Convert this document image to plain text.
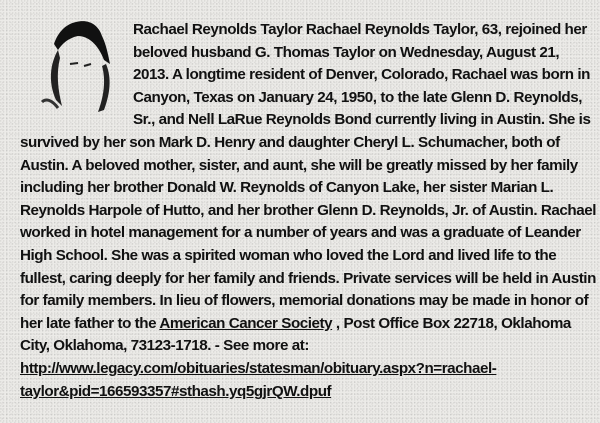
Rachael Reynolds Taylor Rachael Reynolds Taylor, 63, rejoined her
beloved husband G. Thomas Taylor on Wednesday, August 21,
2013. A longtime resident of Denver, Colorado, Rachael was born in
Canyon, Texas on January 24, 1950, to the late Glenn D. Reynolds,
Sr., and Nell LaRue Reynolds Bond currently living in Austin. She is
survived by her son Mark D. Henry and daughter Cheryl L. Schumacher, both of
Austin. A beloved mother, sister, and aunt, she will be greatly missed by her family
including her brother Donald W. Reynolds of Canyon Lake, her sister Marian L.
Reynolds Harpole of Hutto, and her brother Glenn D. Reynolds, Jr. of Austin. Rachael
worked in hotel management for a number of years and was a graduate of Leander
High School. She was a spirited woman who loved the Lord and lived life to the
fullest, caring deeply for her family and friends. Private services will be held in Austin
for family members. In lieu of flowers, memorial donations may be made in honor of
her late father to the American Cancer Society , Post Office Box 22718, Oklahoma
City, Oklahoma, 73123-1718. - See more at:
http://www.legacy.com/obituaries/statesman/obituary.aspx?n=rachael-
taylor&pid=166593357#sthash.yq5gjrQW.dpuf
